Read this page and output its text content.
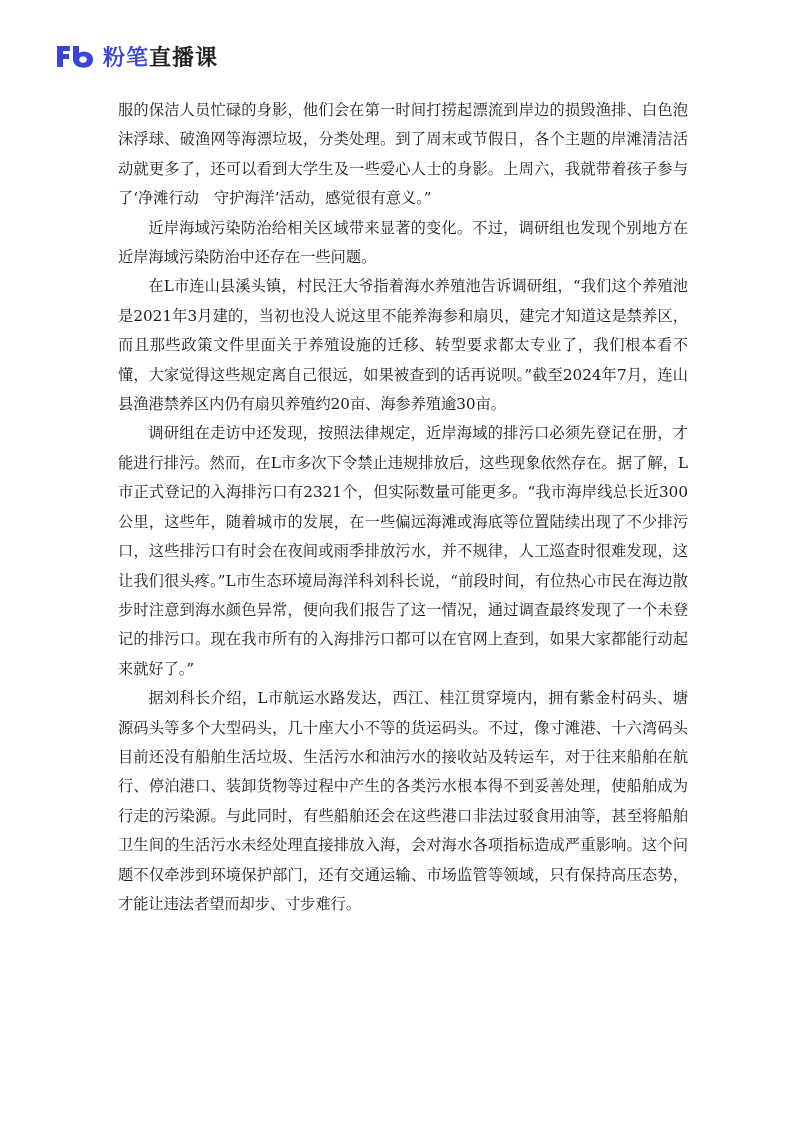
粉笔直播课

服的保洁人员忙碌的身影，他们会在第一时间打捞起漂流到岸边的损毁渔排、白色泡沫浮球、破渔网等海漂垃圾，分类处理。到了周末或节假日，各个主题的岸滩清洁活动就更多了，还可以看到大学生及一些爱心人士的身影。上周六，我就带着孩子参与了‘净滩行动　守护海洋’活动，感觉很有意义。”

近岸海域污染防治给相关区域带来显著的变化。不过，调研组也发现个别地方在近岸海域污染防治中还存在一些问题。

在L市连山县溪头镇，村民汪大爷指着海水养殖池告诉调研组，“我们这个养殖池是2021年3月建的，当初也没人说这里不能养海参和扇贝，建完才知道这是禁养区，而且那些政策文件里面关于养殖设施的迁移、转型要求都太专业了，我们根本看不懂，大家觉得这些规定离自己很远，如果被查到的话再说呗。”截至2024年7月，连山县渔港禁养区内仍有扇贝养殖约20亩、海参养殖逾30亩。

调研组在走访中还发现，按照法律规定，近岸海域的排污口必须先登记在册，才能进行排污。然而，在L市多次下令禁止违规排放后，这些现象依然存在。据了解，L市正式登记的入海排污口有2321个，但实际数量可能更多。“我市海岸线总长近300公里，这些年，随着城市的发展，在一些偏远海滩或海底等位置陆续出现了不少排污口，这些排污口有时会在夜间或雨季排放污水，并不规律，人工巡查时很难发现，这让我们很头疼。”L市生态环境局海洋科刘科长说，“前段时间，有位热心市民在海边散步时注意到海水颜色异常，便向我们报告了这一情况，通过调查最终发现了一个未登记的排污口。现在我市所有的入海排污口都可以在官网上查到，如果大家都能行动起来就好了。”

据刘科长介绍，L市航运水路发达，西江、桂江贯穿境内，拥有紫金村码头、塘源码头等多个大型码头，几十座大小不等的货运码头。不过，像寸滩港、十六湾码头目前还没有船舶生活垃圾、生活污水和油污水的接收站及转运车，对于往来船舶在航行、停泊港口、装卸货物等过程中产生的各类污水根本得不到妥善处理，使船舶成为行走的污染源。与此同时，有些船舶还会在这些港口非法过驳食用油等，甚至将船舶卫生间的生活污水未经处理直接排放入海，会对海水各项指标造成严重影响。这个问题不仅牵涉到环境保护部门，还有交通运输、市场监管等领域，只有保持高压态势，才能让违法者望而却步、寸步难行。
